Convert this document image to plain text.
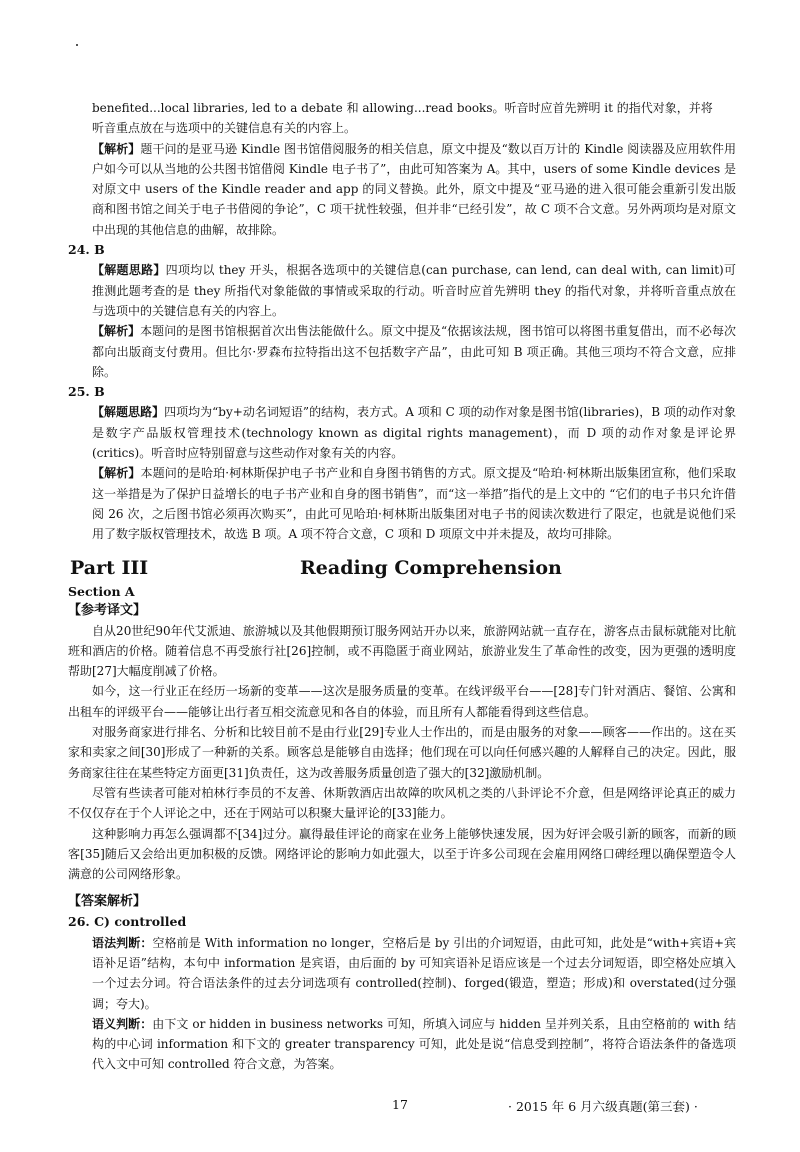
benefited...local libraries, led to a debate 和 allowing...read books。听音时应首先辨明 it 的指代对象，并将

听音重点放在与选项中的关键信息有关的内容上。

【解析】题干问的是亚马逊 Kindle 图书馆借阅服务的相关信息，原文中提及“数以百万计的 Kindle 阅读器及应用软件用户如今可以从当地的公共图书馆借阅 Kindle 电子书了”，由此可知答案为 A。其中，users of some Kindle devices 是对原文中 users of the Kindle reader and app 的同义替换。此外，原文中提及“亚马逊的进入很可能会重新引发出版商和图书馆之间关于电子书借阅的争论”，C 项干扰性较强，但并非“已经引发”，故 C 项不合文意。另外两项均是对原文中出现的其他信息的曲解，故排除。

24. B

【解题思路】四项均以 they 开头，根据各选项中的关键信息(can purchase, can lend, can deal with, can limit)可推测此题考查的是 they 所指代对象能做的事情或采取的行动。听音时应首先辨明 they 的指代对象，并将听音重点放在与选项中的关键信息有关的内容上。

【解析】本题问的是图书馆根据首次出售法能做什么。原文中提及“依据该法规，图书馆可以将图书重复借出，而不必每次都向出版商支付费用。但比尔·罗森布拉特指出这不包括数字产品”，由此可知 B 项正确。其他三项均不符合文意，应排除。

25. B

【解题思路】四项均为“by+动名词短语”的结构，表方式。A 项和 C 项的动作对象是图书馆(libraries)，B 项的动作对象是数字产品版权管理技术(technology known as digital rights management)，而 D 项的动作对象是评论界(critics)。听音时应特别留意与这些动作对象有关的内容。

【解析】本题问的是哈珀·柯林斯保护电子书产业和自身图书销售的方式。原文提及“哈珀·柯林斯出版集团宣称，他们采取这一举措是为了保护日益增长的电子书产业和自身的图书销售”，而“这一举措”指代的是上文中的 “它们的电子书只允许借阅 26 次，之后图书馆必须再次购买”，由此可见哈珀·柯林斯出版集团对电子书的阅读次数进行了限定，也就是说他们采用了数字版权管理技术，故选 B 项。A 项不符合文意，C 项和 D 项原文中并未提及，故均可排除。

Part III	Reading Comprehension

Section A

【参考译文】

自从20世纪90年代艾派迪、旅游城以及其他假期预订服务网站开办以来，旅游网站就一直存在，游客点击鼠标就能对比航班和酒店的价格。随着信息不再受旅行社[26]控制，或不再隐匿于商业网站，旅游业发生了革命性的改变，因为更强的透明度帮助[27]大幅度削减了价格。

如今，这一行业正在经历一场新的变革——这次是服务质量的变革。在线评级平台——[28]专门针对酒店、餐馆、公寓和出租车的评级平台——能够让出行者互相交流意见和各自的体验，而且所有人都能看得到这些信息。

对服务商家进行排名、分析和比较目前不是由行业[29]专业人士作出的，而是由服务的对象——顾客——作出的。这在买家和卖家之间[30]形成了一种新的关系。顾客总是能够自由选择；他们现在可以向任何感兴趣的人解释自己的决定。因此，服务商家往往在某些特定方面更[31]负责任，这为改善服务质量创造了强大的[32]激励机制。

尽管有些读者可能对柏林行李员的不友善、休斯敦酒店出故障的吹风机之类的八卦评论不介意，但是网络评论真正的威力不仅仅存在于个人评论之中，还在于网站可以积聚大量评论的[33]能力。

这种影响力再怎么强调都不[34]过分。赢得最佳评论的商家在业务上能够快速发展，因为好评会吸引新的顾客，而新的顾客[35]随后又会给出更加积极的反馈。网络评论的影响力如此强大，以至于许多公司现在会雇用网络口碑经理以确保塑造令人满意的公司网络形象。

【答案解析】

26. C) controlled

语法判断：空格前是 With information no longer，空格后是 by 引出的介词短语，由此可知，此处是“with+宾语+宾语补足语”结构，本句中 information 是宾语，由后面的 by 可知宾语补足语应该是一个过去分词短语，即空格处应填入一个过去分词。符合语法条件的过去分词选项有 controlled(控制)、forged(锻造，塑造；形成)和 overstated(过分强调；夸大)。

语义判断：由下文 or hidden in business networks 可知，所填入词应与 hidden 呈并列关系，且由空格前的 with 结构的中心词 information 和下文的 greater transparency 可知，此处是说“信息受到控制”，将符合语法条件的备选项代入文中可知 controlled 符合文意，为答案。

17	· 2015 年 6 月六级真题(第三套) ·
